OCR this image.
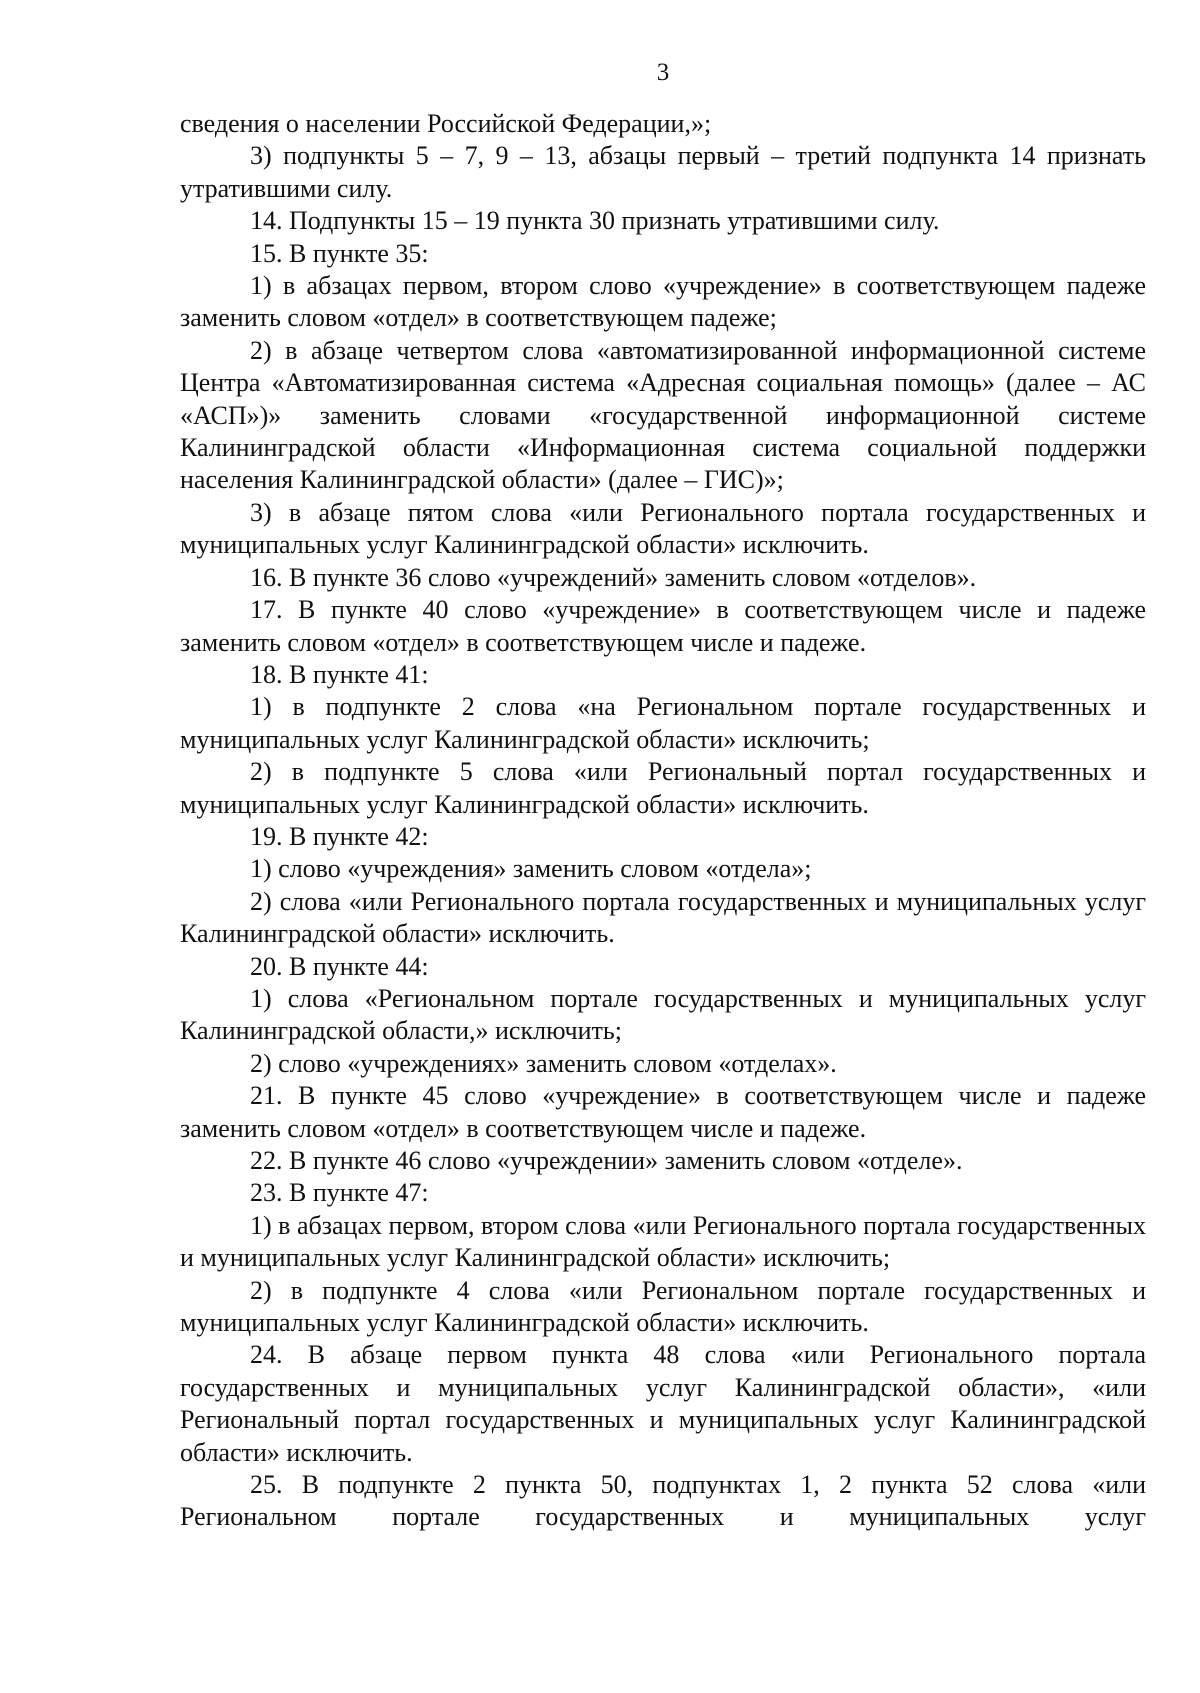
3

сведения о населении Российской Федерации,»;

3) подпункты 5 – 7, 9 – 13, абзацы первый – третий подпункта 14 признать утратившими силу.

14. Подпункты 15 – 19 пункта 30 признать утратившими силу.

15. В пункте 35:

1) в абзацах первом, втором слово «учреждение» в соответствующем падеже заменить словом «отдел» в соответствующем падеже;

2) в абзаце четвертом слова «автоматизированной информационной системе Центра «Автоматизированная система «Адресная социальная помощь» (далее – АС «АСП»)» заменить словами «государственной информационной системе Калининградской области «Информационная система социальной поддержки населения Калининградской области» (далее – ГИС)»;

3) в абзаце пятом слова «или Регионального портала государственных и муниципальных услуг Калининградской области» исключить.

16. В пункте 36 слово «учреждений» заменить словом «отделов».

17. В пункте 40 слово «учреждение» в соответствующем числе и падеже заменить словом «отдел» в соответствующем числе и падеже.

18. В пункте 41:

1) в подпункте 2 слова «на Региональном портале государственных и муниципальных услуг Калининградской области» исключить;

2) в подпункте 5 слова «или Региональный портал государственных и муниципальных услуг Калининградской области» исключить.

19. В пункте 42:

1) слово «учреждения» заменить словом «отдела»;

2) слова «или Регионального портала государственных и муниципальных услуг Калининградской области» исключить.

20. В пункте 44:

1) слова «Региональном портале государственных и муниципальных услуг Калининградской области,» исключить;

2) слово «учреждениях» заменить словом «отделах».

21. В пункте 45 слово «учреждение» в соответствующем числе и падеже заменить словом «отдел» в соответствующем числе и падеже.

22. В пункте 46 слово «учреждении» заменить словом «отделе».

23. В пункте 47:

1) в абзацах первом, втором слова «или Регионального портала государственных и муниципальных услуг Калининградской области» исключить;

2) в подпункте 4 слова «или Региональном портале государственных и муниципальных услуг Калининградской области» исключить.

24. В абзаце первом пункта 48 слова «или Регионального портала государственных и муниципальных услуг Калининградской области», «или Региональный портал государственных и муниципальных услуг Калининградской области» исключить.

25. В подпункте 2 пункта 50, подпунктах 1, 2 пункта 52 слова «или Региональном портале государственных и муниципальных услуг
